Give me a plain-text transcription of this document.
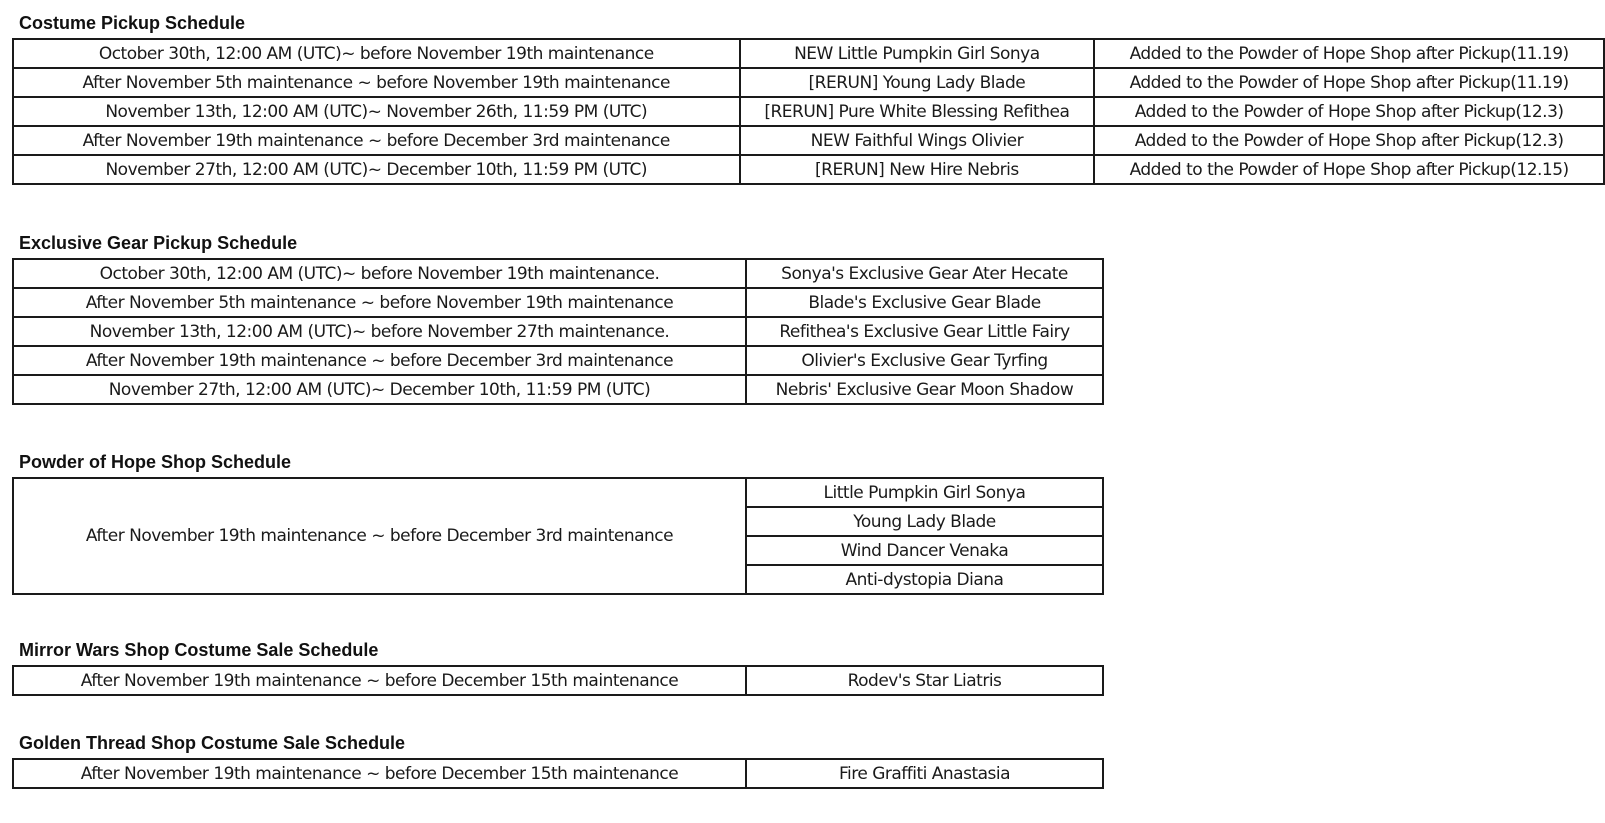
Costume Pickup Schedule
October 30th, 12:00 AM (UTC)~ before November 19th maintenance	NEW Little Pumpkin Girl Sonya	Added to the Powder of Hope Shop after Pickup(11.19)
After November 5th maintenance ~ before November 19th maintenance	[RERUN] Young Lady Blade	Added to the Powder of Hope Shop after Pickup(11.19)
November 13th, 12:00 AM (UTC)~ November 26th, 11:59 PM (UTC)	[RERUN] Pure White Blessing Refithea	Added to the Powder of Hope Shop after Pickup(12.3)
After November 19th maintenance ~ before December 3rd maintenance	NEW Faithful Wings Olivier	Added to the Powder of Hope Shop after Pickup(12.3)
November 27th, 12:00 AM (UTC)~ December 10th, 11:59 PM (UTC)	[RERUN] New Hire Nebris	Added to the Powder of Hope Shop after Pickup(12.15)
Exclusive Gear Pickup Schedule
October 30th, 12:00 AM (UTC)~ before November 19th maintenance.	Sonya's Exclusive Gear Ater Hecate
After November 5th maintenance ~ before November 19th maintenance	Blade's Exclusive Gear Blade
November 13th, 12:00 AM (UTC)~ before November 27th maintenance.	Refithea's Exclusive Gear Little Fairy
After November 19th maintenance ~ before December 3rd maintenance	Olivier's Exclusive Gear Tyrfing
November 27th, 12:00 AM (UTC)~ December 10th, 11:59 PM (UTC)	Nebris' Exclusive Gear Moon Shadow
Powder of Hope Shop Schedule
After November 19th maintenance ~ before December 3rd maintenance	Little Pumpkin Girl Sonya
Young Lady Blade
Wind Dancer Venaka
Anti-dystopia Diana
Mirror Wars Shop Costume Sale Schedule
After November 19th maintenance ~ before December 15th maintenance	Rodev's Star Liatris
Golden Thread Shop Costume Sale Schedule
After November 19th maintenance ~ before December 15th maintenance	Fire Graffiti Anastasia
